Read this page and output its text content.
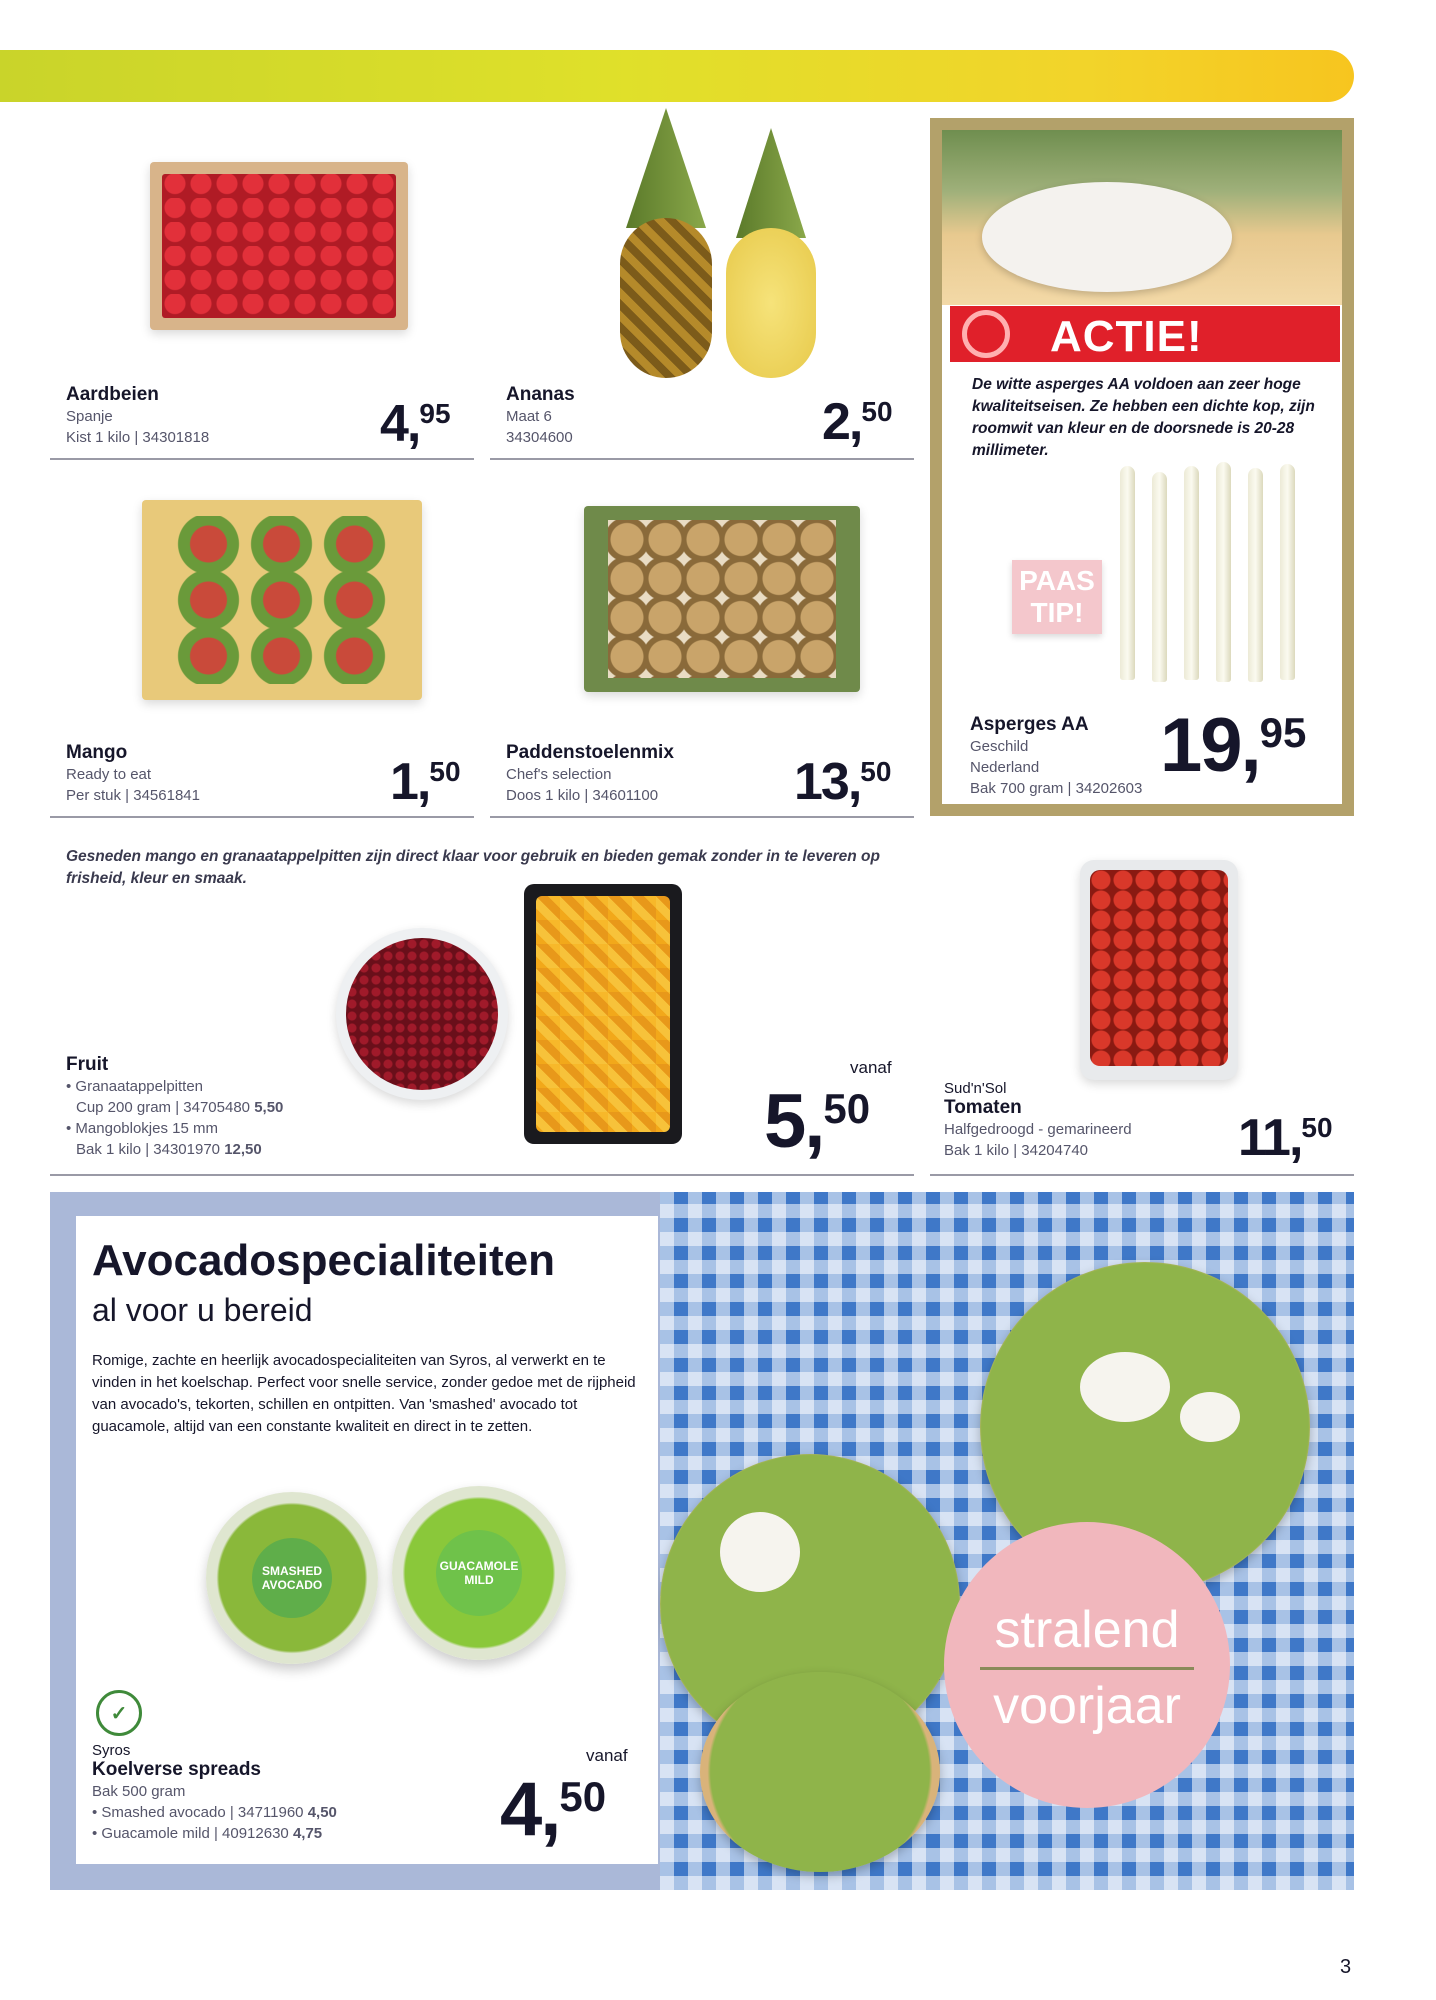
Aardbeien
Spanje
Kist 1 kilo | 34301818	4,95
Ananas
Maat 6
34304600	2,50
ACTIE!
De witte asperges AA voldoen aan zeer hoge kwaliteitseisen. Ze hebben een dichte kop, zijn roomwit van kleur en de doorsnede is 20-28 millimeter.
PAAS
TIP!
Asperges AA
Geschild
Nederland
Bak 700 gram | 34202603
19,95
Mango
Ready to eat
Per stuk | 34561841	1,50
Paddenstoelenmix
Chef's selection
Doos 1 kilo | 34601100	13,50
Gesneden mango en granaatappelpitten zijn direct klaar voor gebruik en bieden gemak zonder in te leveren op frisheid, kleur en smaak.
Fruit
• Granaatappelpitten
Cup 200 gram | 34705480 5,50
• Mangoblokjes 15 mm
Bak 1 kilo | 34301970 12,50
vanaf
5,50	Sud'n'Sol
Tomaten
Halfgedroogd - gemarineerd
Bak 1 kilo | 34204740	11,50
Avocadospecialiteiten
al voor u bereid
Romige, zachte en heerlijk avocadospecialiteiten van Syros, al verwerkt en te vinden in het koelschap. Perfect voor snelle service, zonder gedoe met de rijpheid van avocado's, tekorten, schillen en ontpitten. Van 'smashed' avocado tot guacamole, altijd van een constante kwaliteit en direct in te zetten.
SMASHED AVOCADO
GUACAMOLE MILD
✓
Syros
Koelverse spreads
Bak 500 gram
• Smashed avocado | 34711960 4,50
• Guacamole mild | 40912630 4,75
vanaf
4,50
stralend
voorjaar
3
